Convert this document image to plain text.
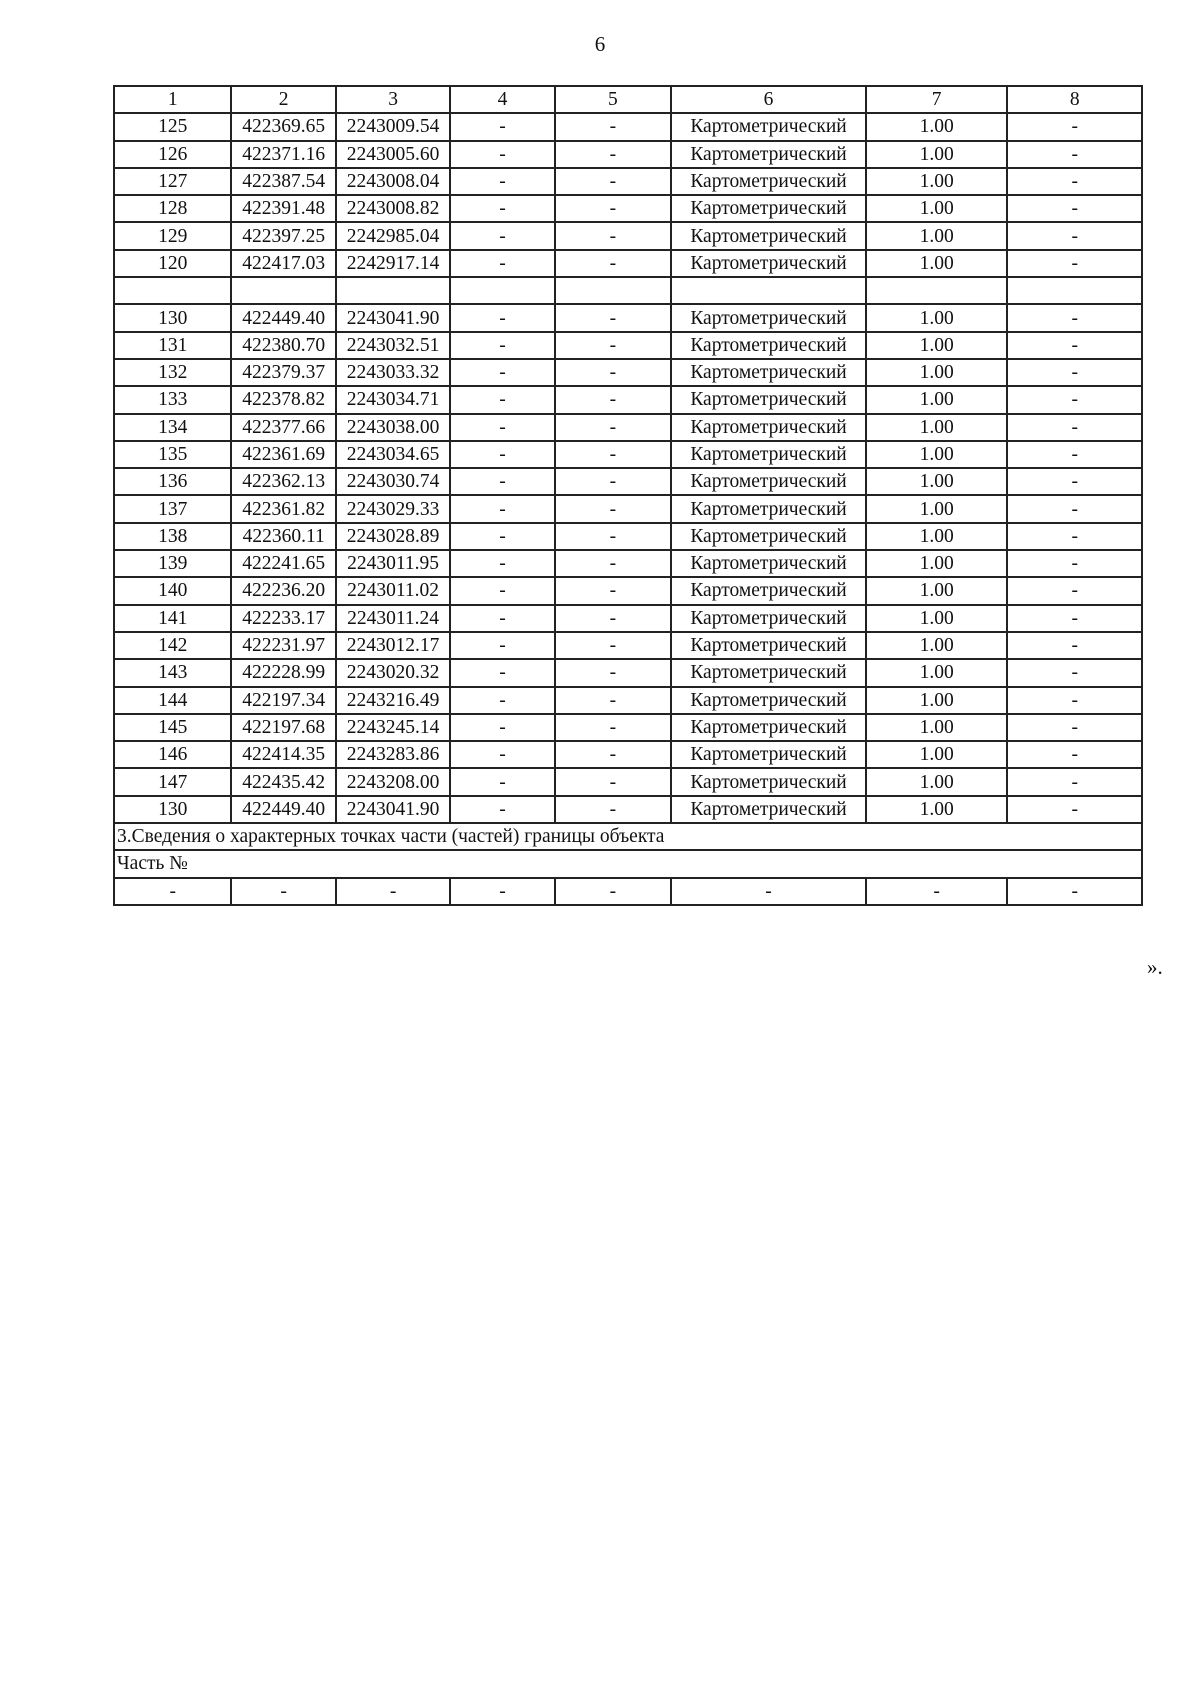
6
1	2	3	4	5	6	7	8
125	422369.65	2243009.54	-	-	Картометрический	1.00	-
126	422371.16	2243005.60	-	-	Картометрический	1.00	-
127	422387.54	2243008.04	-	-	Картометрический	1.00	-
128	422391.48	2243008.82	-	-	Картометрический	1.00	-
129	422397.25	2242985.04	-	-	Картометрический	1.00	-
120	422417.03	2242917.14	-	-	Картометрический	1.00	-

130	422449.40	2243041.90	-	-	Картометрический	1.00	-
131	422380.70	2243032.51	-	-	Картометрический	1.00	-
132	422379.37	2243033.32	-	-	Картометрический	1.00	-
133	422378.82	2243034.71	-	-	Картометрический	1.00	-
134	422377.66	2243038.00	-	-	Картометрический	1.00	-
135	422361.69	2243034.65	-	-	Картометрический	1.00	-
136	422362.13	2243030.74	-	-	Картометрический	1.00	-
137	422361.82	2243029.33	-	-	Картометрический	1.00	-
138	422360.11	2243028.89	-	-	Картометрический	1.00	-
139	422241.65	2243011.95	-	-	Картометрический	1.00	-
140	422236.20	2243011.02	-	-	Картометрический	1.00	-
141	422233.17	2243011.24	-	-	Картометрический	1.00	-
142	422231.97	2243012.17	-	-	Картометрический	1.00	-
143	422228.99	2243020.32	-	-	Картометрический	1.00	-
144	422197.34	2243216.49	-	-	Картометрический	1.00	-
145	422197.68	2243245.14	-	-	Картометрический	1.00	-
146	422414.35	2243283.86	-	-	Картометрический	1.00	-
147	422435.42	2243208.00	-	-	Картометрический	1.00	-
130	422449.40	2243041.90	-	-	Картометрический	1.00	-
3.Сведения о характерных точках части (частей) границы объекта							
Часть №							
-	-	-	-	-	-	-	-
».
